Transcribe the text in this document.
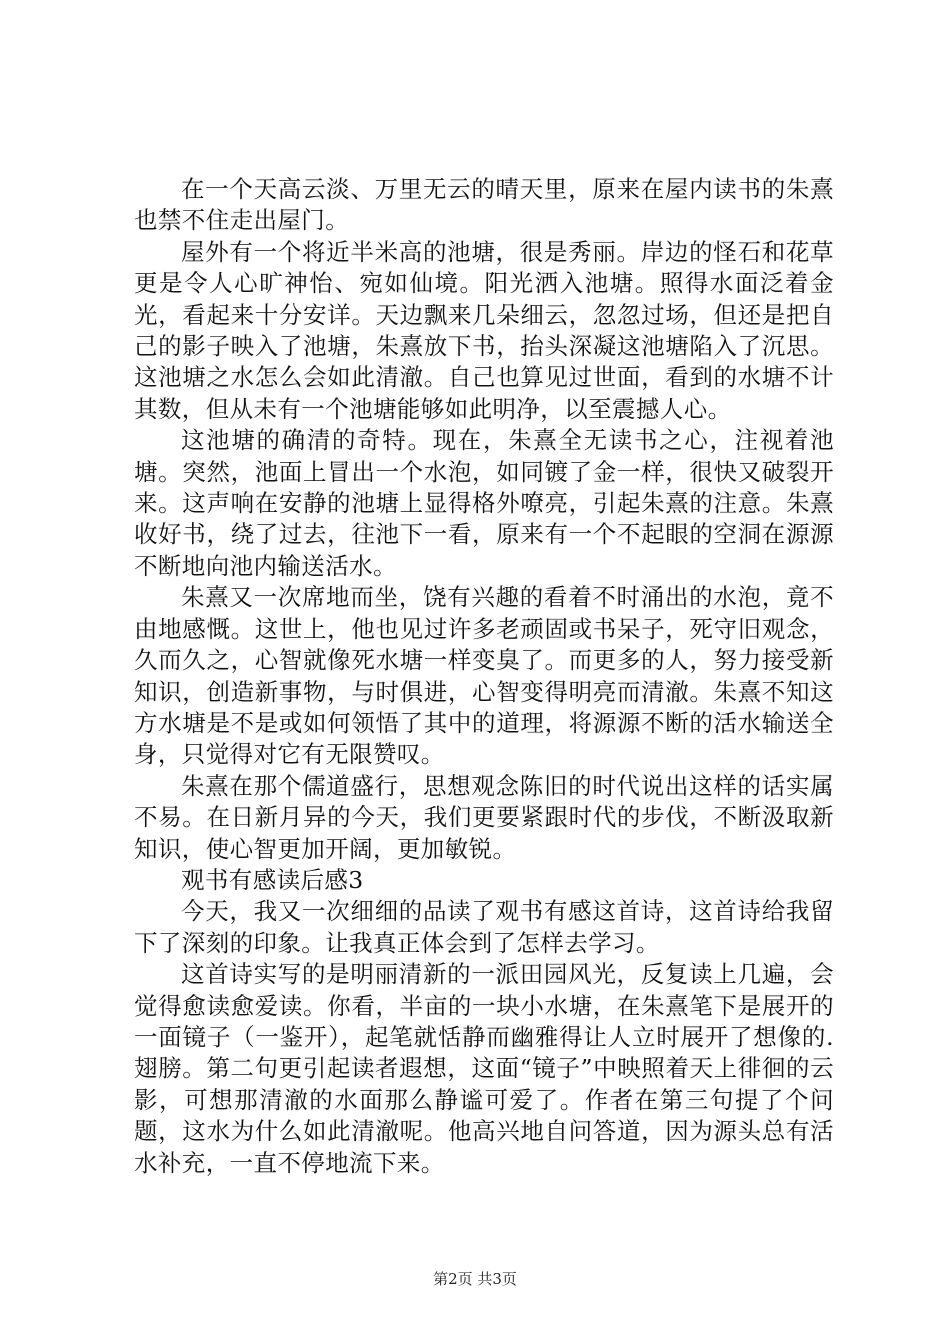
在一个天高云淡、万里无云的晴天里，原来在屋内读书的朱熹也禁不住走出屋门。

屋外有一个将近半米高的池塘，很是秀丽。岸边的怪石和花草更是令人心旷神怡、宛如仙境。阳光洒入池塘。照得水面泛着金光，看起来十分安详。天边飘来几朵细云，忽忽过场，但还是把自己的影子映入了池塘，朱熹放下书，抬头深凝这池塘陷入了沉思。这池塘之水怎么会如此清澈。自己也算见过世面，看到的水塘不计其数，但从未有一个池塘能够如此明净，以至震撼人心。

这池塘的确清的奇特。现在，朱熹全无读书之心，注视着池塘。突然，池面上冒出一个水泡，如同镀了金一样，很快又破裂开来。这声响在安静的池塘上显得格外嘹亮，引起朱熹的注意。朱熹收好书，绕了过去，往池下一看，原来有一个不起眼的空洞在源源不断地向池内输送活水。

朱熹又一次席地而坐，饶有兴趣的看着不时涌出的水泡，竟不由地感慨。这世上，他也见过许多老顽固或书呆子，死守旧观念，久而久之，心智就像死水塘一样变臭了。而更多的人，努力接受新知识，创造新事物，与时俱进，心智变得明亮而清澈。朱熹不知这方水塘是不是或如何领悟了其中的道理，将源源不断的活水输送全身，只觉得对它有无限赞叹。

朱熹在那个儒道盛行，思想观念陈旧的时代说出这样的话实属不易。在日新月异的今天，我们更要紧跟时代的步伐，不断汲取新知识，使心智更加开阔，更加敏锐。

观书有感读后感3

今天，我又一次细细的品读了观书有感这首诗，这首诗给我留下了深刻的印象。让我真正体会到了怎样去学习。

这首诗实写的是明丽清新的一派田园风光，反复读上几遍，会觉得愈读愈爱读。你看，半亩的一块小水塘，在朱熹笔下是展开的一面镜子（一鉴开），起笔就恬静而幽雅得让人立时展开了想像的.翅膀。第二句更引起读者遐想，这面“镜子”中映照着天上徘徊的云影，可想那清澈的水面那么静谧可爱了。作者在第三句提了个问题，这水为什么如此清澈呢。他高兴地自问答道，因为源头总有活水补充，一直不停地流下来。

第2页 共3页
